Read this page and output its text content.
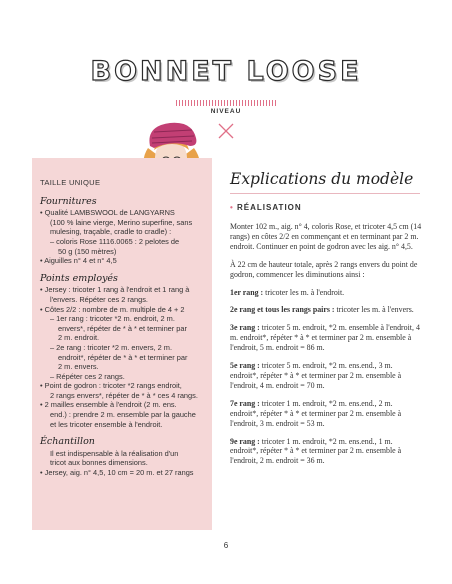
BONNET LOOSE
NIVEAU
TAILLE UNIQUE
Fournitures
• Qualité LAMBSWOOL de LANGYARNS
(100 % laine vierge, Merino superfine, sans
mulesing, traçable, cradle to cradle) :
– coloris Rose 1116.0065 : 2 pelotes de
50 g (150 mètres)
• Aiguilles n° 4 et n° 4,5
Points employés
• Jersey : tricoter 1 rang à l'endroit et 1 rang à
l'envers. Répéter ces 2 rangs.
• Côtes 2/2 : nombre de m. multiple de 4 + 2
– 1er rang : tricoter *2 m. endroit, 2 m.
envers*, répéter de * à * et terminer par
2 m. endroit.
– 2e rang : tricoter *2 m. envers, 2 m.
endroit*, répéter de * à * et terminer par
2 m. envers.
– Répéter ces 2 rangs.
• Point de godron : tricoter *2 rangs endroit,
2 rangs envers*, répéter de * à * ces 4 rangs.
• 2 mailles ensemble à l'endroit (2 m. ens.
end.) : prendre 2 m. ensemble par la gauche
et les tricoter ensemble à l'endroit.
Échantillon
Il est indispensable à la réalisation d'un
tricot aux bonnes dimensions.
• Jersey, aig. n° 4,5, 10 cm = 20 m. et 27 rangs
Explications du modèle
• RÉALISATION

Monter 102 m., aig. n° 4, coloris Rose, et tricoter 4,5 cm (14 rangs) en côtes 2/2 en commençant et en terminant par 2 m. endroit. Continuer en point de godron avec les aig. n° 4,5.

À 22 cm de hauteur totale, après 2 rangs envers du point de godron, commencer les diminutions ainsi :

1er rang : tricoter les m. à l'endroit.

2e rang et tous les rangs pairs : tricoter les m. à l'envers.

3e rang : tricoter 5 m. endroit, *2 m. ensemble à l'endroit, 4 m. endroit*, répéter * à * et terminer par 2 m. ensemble à l'endroit, 5 m. endroit = 86 m.

5e rang : tricoter 5 m. endroit, *2 m. ens.end., 3 m. endroit*, répéter * à * et terminer par 2 m. ensemble à l'endroit, 4 m. endroit = 70 m.

7e rang : tricoter 1 m. endroit, *2 m. ens.end., 2 m. endroit*, répéter * à * et terminer par 2 m. ensemble à l'endroit, 3 m. endroit = 53 m.

9e rang : tricoter 1 m. endroit, *2 m. ens.end., 1 m. endroit*, répéter * à * et terminer par 2 m. ensemble à l'endroit, 2 m. endroit = 36 m.

6
